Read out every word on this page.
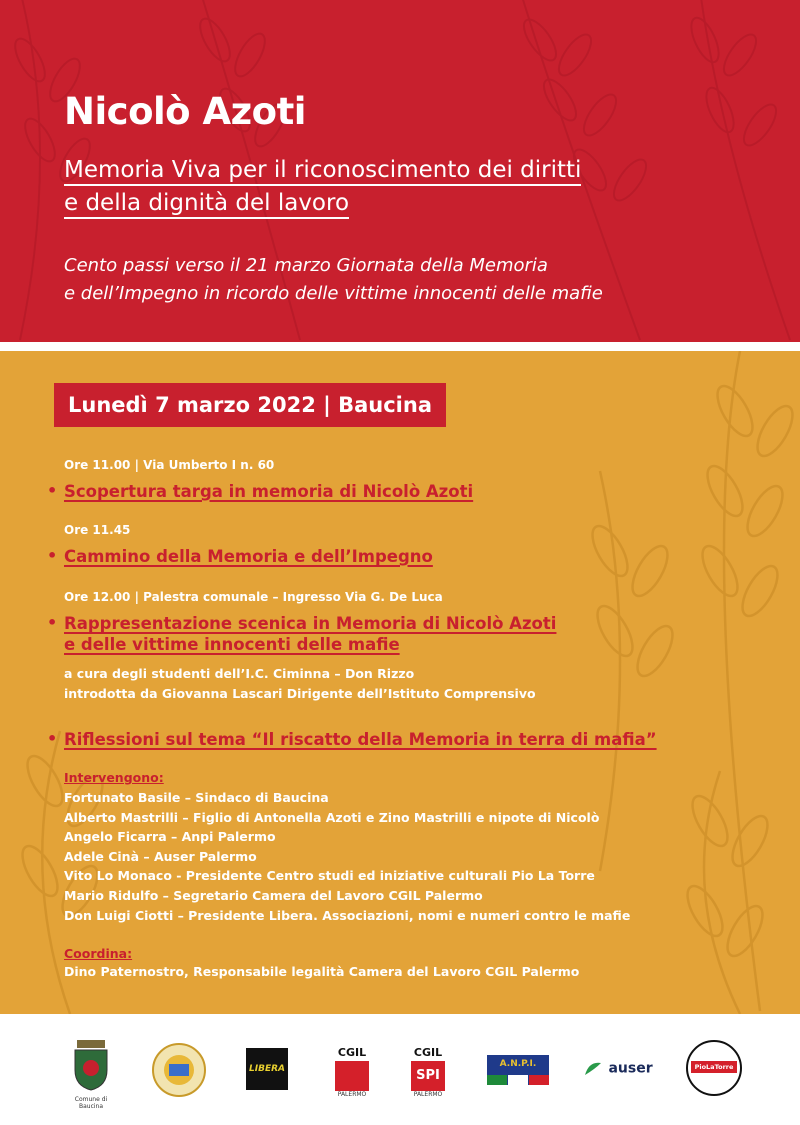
Nicolò Azoti
Memoria Viva per il riconoscimento dei diritti
e della dignità del lavoro
Cento passi verso il 21 marzo Giornata della Memoria
e dell’Impegno in ricordo delle vittime innocenti delle mafie
Lunedì 7 marzo 2022 | Baucina
Ore 11.00 | Via Umberto I n. 60
• Scopertura targa in memoria di Nicolò Azoti
Ore 11.45
• Cammino della Memoria e dell’Impegno
Ore 12.00 | Palestra comunale – Ingresso Via G. De Luca
• Rappresentazione scenica in Memoria di Nicolò Azoti
e delle vittime innocenti delle mafie
a cura degli studenti dell’I.C. Ciminna – Don Rizzo
introdotta da Giovanna Lascari Dirigente dell’Istituto Comprensivo
• Riflessioni sul tema “Il riscatto della Memoria in terra di mafia”
Intervengono:
Fortunato Basile – Sindaco di Baucina
Alberto Mastrilli – Figlio di Antonella Azoti e Zino Mastrilli e nipote di Nicolò
Angelo Ficarra – Anpi Palermo
Adele Cinà – Auser Palermo
Vito Lo Monaco - Presidente Centro studi ed iniziative culturali Pio La Torre
Mario Ridulfo – Segretario Camera del Lavoro CGIL Palermo
Don Luigi Ciotti – Presidente Libera. Associazioni, nomi e numeri contro le mafie
Coordina:
Dino Paternostro, Responsabile legalità Camera del Lavoro CGIL Palermo
Comune di Baucina
LIBERA
CGIL
PALERMO
CGIL
SPI
PALERMO
A.N.P.I.	auser	PioLaTorre
